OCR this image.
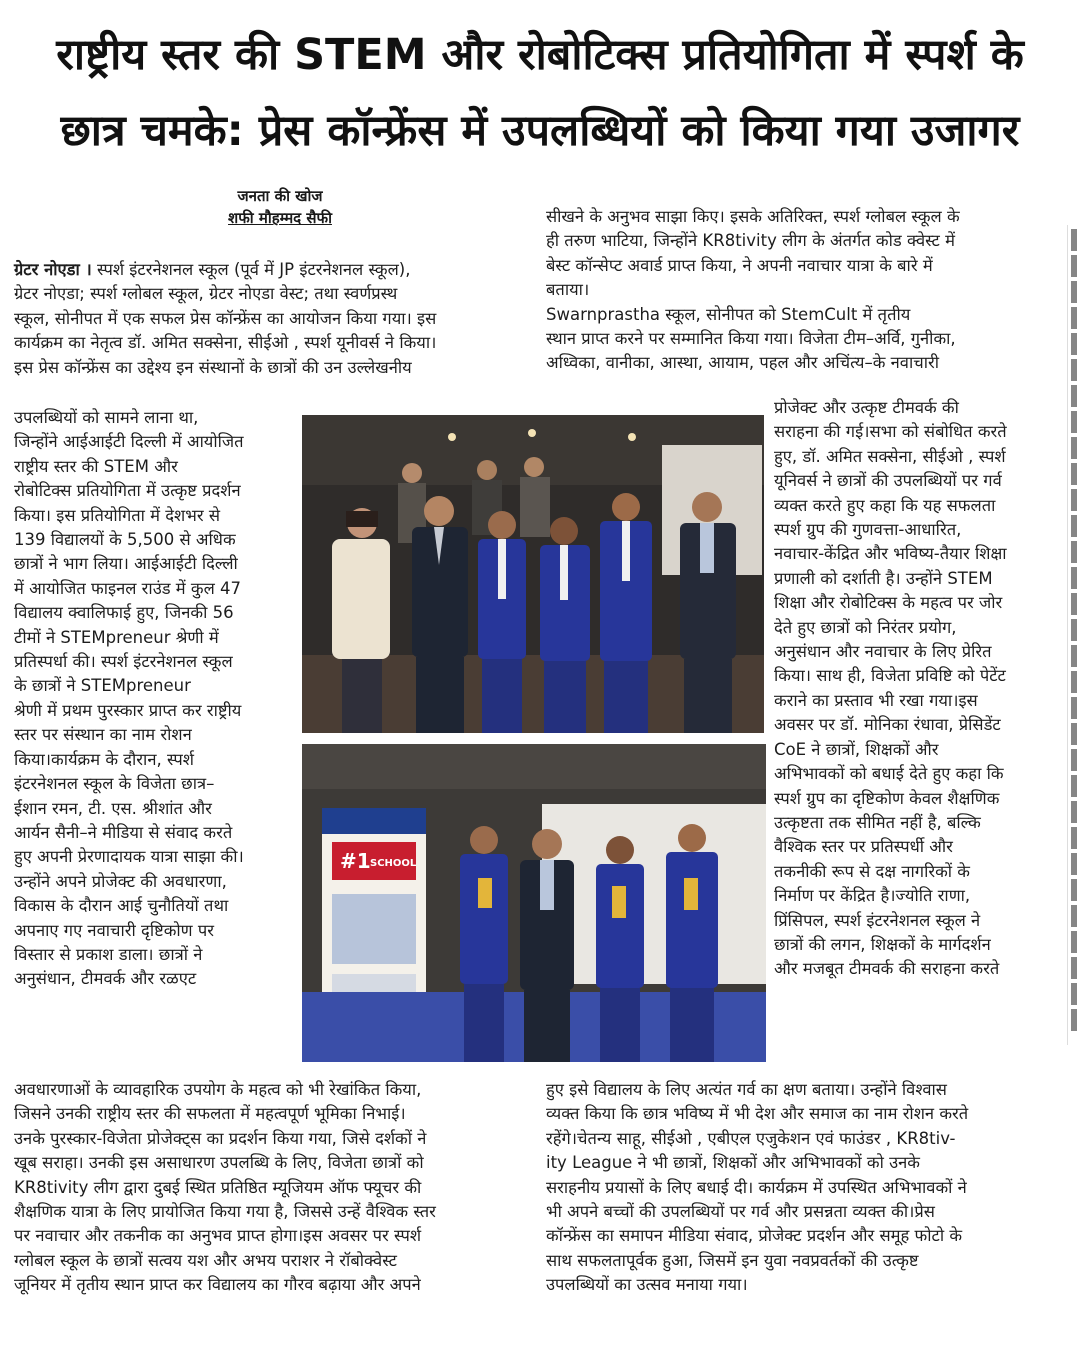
राष्ट्रीय स्तर की STEM और रोबोटिक्स प्रतियोगिता में स्पर्श के
छात्र चमके: प्रेस कॉन्फ्रेंस में उपलब्धियों को किया गया उजागर
जनता की खोज
शफी मौहम्मद सैफी
ग्रेटर नोएडा । स्पर्श इंटरनेशनल स्कूल (पूर्व में JP इंटरनेशनल स्कूल),
ग्रेटर नोएडा; स्पर्श ग्लोबल स्कूल, ग्रेटर नोएडा वेस्ट; तथा स्वर्णप्रस्थ
स्कूल, सोनीपत में एक सफल प्रेस कॉन्फ्रेंस का आयोजन किया गया। इस
कार्यक्रम का नेतृत्व डॉ. अमित सक्सेना, सीईओ , स्पर्श यूनीवर्स ने किया।
इस प्रेस कॉन्फ्रेंस का उद्देश्य इन संस्थानों के छात्रों की उन उल्लेखनीय
उपलब्धियों को सामने लाना था,
जिन्होंने आईआईटी दिल्ली में आयोजित
राष्ट्रीय स्तर की STEM और
रोबोटिक्स प्रतियोगिता में उत्कृष्ट प्रदर्शन
किया। इस प्रतियोगिता में देशभर से
139 विद्यालयों के 5,500 से अधिक
छात्रों ने भाग लिया। आईआईटी दिल्ली
में आयोजित फाइनल राउंड में कुल 47
विद्यालय क्वालिफाई हुए, जिनकी 56
टीमों ने STEMpreneur श्रेणी में
प्रतिस्पर्धा की। स्पर्श इंटरनेशनल स्कूल
के छात्रों ने STEMpreneur
श्रेणी में प्रथम पुरस्कार प्राप्त कर राष्ट्रीय
स्तर पर संस्थान का नाम रोशन
किया।कार्यक्रम के दौरान, स्पर्श
इंटरनेशनल स्कूल के विजेता छात्र–
ईशान रमन, टी. एस. श्रीशांत और
आर्यन सैनी–ने मीडिया से संवाद करते
हुए अपनी प्रेरणादायक यात्रा साझा की।
उन्होंने अपने प्रोजेक्ट की अवधारणा,
विकास के दौरान आई चुनौतियों तथा
अपनाए गए नवाचारी दृष्टिकोण पर
विस्तार से प्रकाश डाला। छात्रों ने
अनुसंधान, टीमवर्क और रळएट
अवधारणाओं के व्यावहारिक उपयोग के महत्व को भी रेखांकित किया,
जिसने उनकी राष्ट्रीय स्तर की सफलता में महत्वपूर्ण भूमिका निभाई।
उनके पुरस्कार-विजेता प्रोजेक्ट्स का प्रदर्शन किया गया, जिसे दर्शकों ने
खूब सराहा। उनकी इस असाधारण उपलब्धि के लिए, विजेता छात्रों को
KR8tivity लीग द्वारा दुबई स्थित प्रतिष्ठित म्यूजियम ऑफ फ्यूचर की
शैक्षणिक यात्रा के लिए प्रायोजित किया गया है, जिससे उन्हें वैश्विक स्तर
पर नवाचार और तकनीक का अनुभव प्राप्त होगा।इस अवसर पर स्पर्श
ग्लोबल स्कूल के छात्रों सत्वय यश और अभय पराशर ने रॉबोक्वेस्ट
जूनियर में तृतीय स्थान प्राप्त कर विद्यालय का गौरव बढ़ाया और अपने
सीखने के अनुभव साझा किए। इसके अतिरिक्त, स्पर्श ग्लोबल स्कूल के
ही तरुण भाटिया, जिन्होंने KR8tivity लीग के अंतर्गत कोड क्वेस्ट में
बेस्ट कॉन्सेप्ट अवार्ड प्राप्त किया, ने अपनी नवाचार यात्रा के बारे में
बताया।
Swarnprastha स्कूल, सोनीपत को StemCult में तृतीय
स्थान प्राप्त करने पर सम्मानित किया गया। विजेता टीम–अर्वि, गुनीका,
अध्विका, वानीका, आस्था, आयाम, पहल और अचिंत्य–के नवाचारी
प्रोजेक्ट और उत्कृष्ट टीमवर्क की
सराहना की गई।सभा को संबोधित करते
हुए, डॉ. अमित सक्सेना, सीईओ , स्पर्श
यूनिवर्स ने छात्रों की उपलब्धियों पर गर्व
व्यक्त करते हुए कहा कि यह सफलता
स्पर्श ग्रुप की गुणवत्ता-आधारित,
नवाचार-केंद्रित और भविष्य-तैयार शिक्षा
प्रणाली को दर्शाती है। उन्होंने STEM
शिक्षा और रोबोटिक्स के महत्व पर जोर
देते हुए छात्रों को निरंतर प्रयोग,
अनुसंधान और नवाचार के लिए प्रेरित
किया। साथ ही, विजेता प्रविष्टि को पेटेंट
कराने का प्रस्ताव भी रखा गया।इस
अवसर पर डॉ. मोनिका रंधावा, प्रेसिडेंट
CoE ने छात्रों, शिक्षकों और
अभिभावकों को बधाई देते हुए कहा कि
स्पर्श ग्रुप का दृष्टिकोण केवल शैक्षणिक
उत्कृष्टता तक सीमित नहीं है, बल्कि
वैश्विक स्तर पर प्रतिस्पर्धी और
तकनीकी रूप से दक्ष नागरिकों के
निर्माण पर केंद्रित है।ज्योति राणा,
प्रिंसिपल, स्पर्श इंटरनेशनल स्कूल ने
छात्रों की लगन, शिक्षकों के मार्गदर्शन
और मजबूत टीमवर्क की सराहना करते
हुए इसे विद्यालय के लिए अत्यंत गर्व का क्षण बताया। उन्होंने विश्वास
व्यक्त किया कि छात्र भविष्य में भी देश और समाज का नाम रोशन करते
रहेंगे।चेतन्य साहू, सीईओ , एबीएल एजुकेशन एवं फाउंडर , KR8tiv-
ity League ने भी छात्रों, शिक्षकों और अभिभावकों को उनके
सराहनीय प्रयासों के लिए बधाई दी। कार्यक्रम में उपस्थित अभिभावकों ने
भी अपने बच्चों की उपलब्धियों पर गर्व और प्रसन्नता व्यक्त की।प्रेस
कॉन्फ्रेंस का समापन मीडिया संवाद, प्रोजेक्ट प्रदर्शन और समूह फोटो के
साथ सफलतापूर्वक हुआ, जिसमें इन युवा नवप्रवर्तकों की उत्कृष्ट
उपलब्धियों का उत्सव मनाया गया।
#1 SCHOOL
